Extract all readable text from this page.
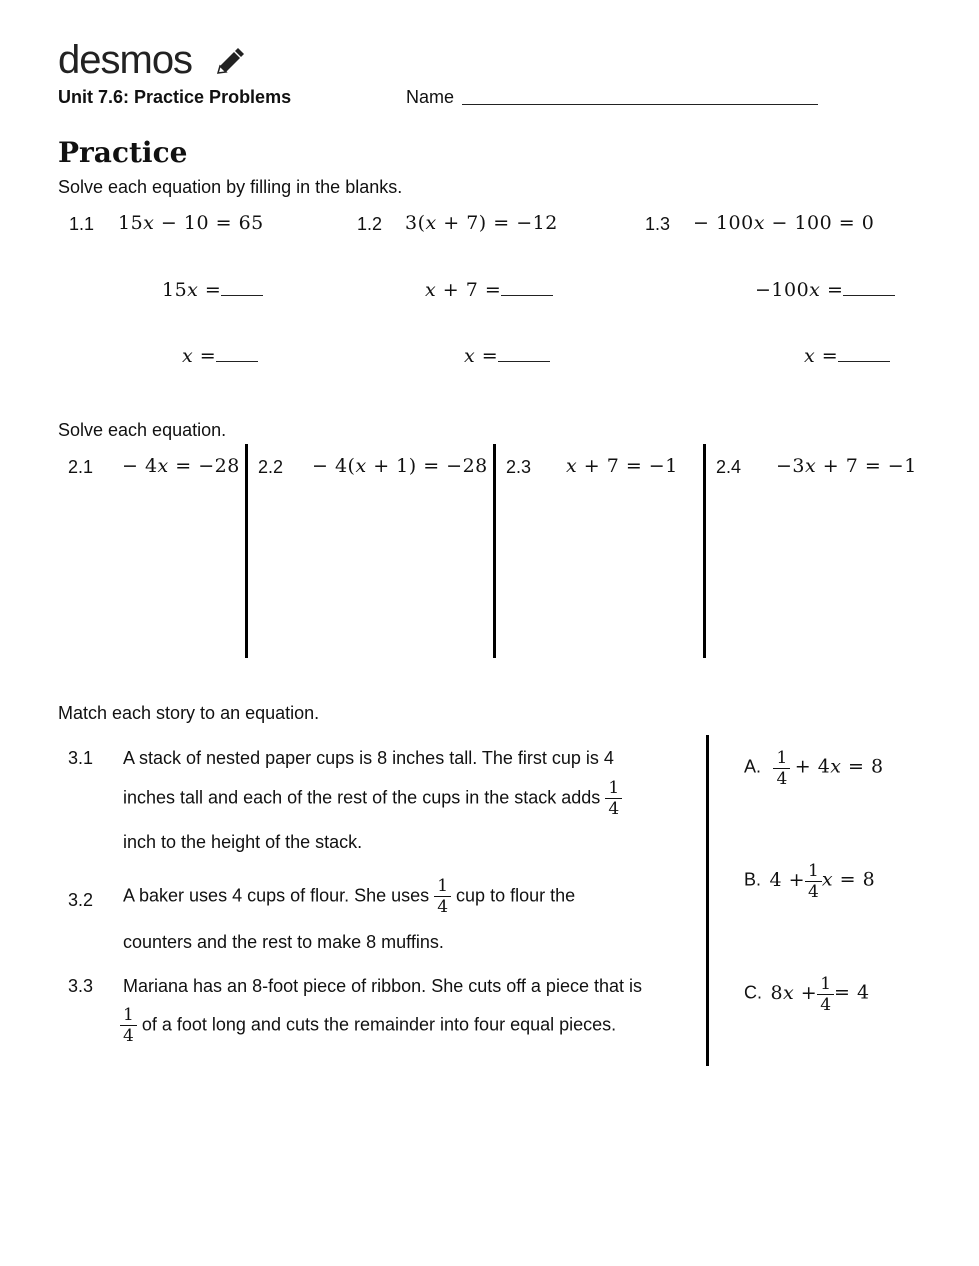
desmos
Unit 7.6: Practice Problems	Name
Practice
Solve each equation by filling in the blanks.
1.1 15𝑥 − 10 = 65
15𝑥 =
𝑥 =
1.2 3(𝑥 + 7) = −12
𝑥 + 7 =
𝑥 =
1.3 − 100𝑥 − 100 = 0
−100𝑥 =
𝑥 =
Solve each equation.
2.1 − 4𝑥 = −28 2.2 − 4(𝑥 + 1) = −28 2.3 𝑥 + 7 = −1 2.4 −3𝑥 + 7 = −1
Match each story to an equation.
3.1 A stack of nested paper cups is 8 inches tall. The first cup is 4
inches tall and each of the rest of the cups in the stack adds $\frac{1}{4}$
inch to the height of the stack.
3.2 A baker uses 4 cups of flour. She uses $\frac{1}{4}$ cup to flour the
counters and the rest to make 8 muffins.
3.3 Mariana has an 8-foot piece of ribbon. She cuts off a piece that is
$\frac{1}{4}$ of a foot long and cuts the remainder into four equal pieces.
A. $\frac{1}{4}$ + 4𝑥 = 8
B. $4 + \frac{1}{4}$ 𝑥 = 8
C. 8𝑥 + $\frac{1}{4} = 4$
